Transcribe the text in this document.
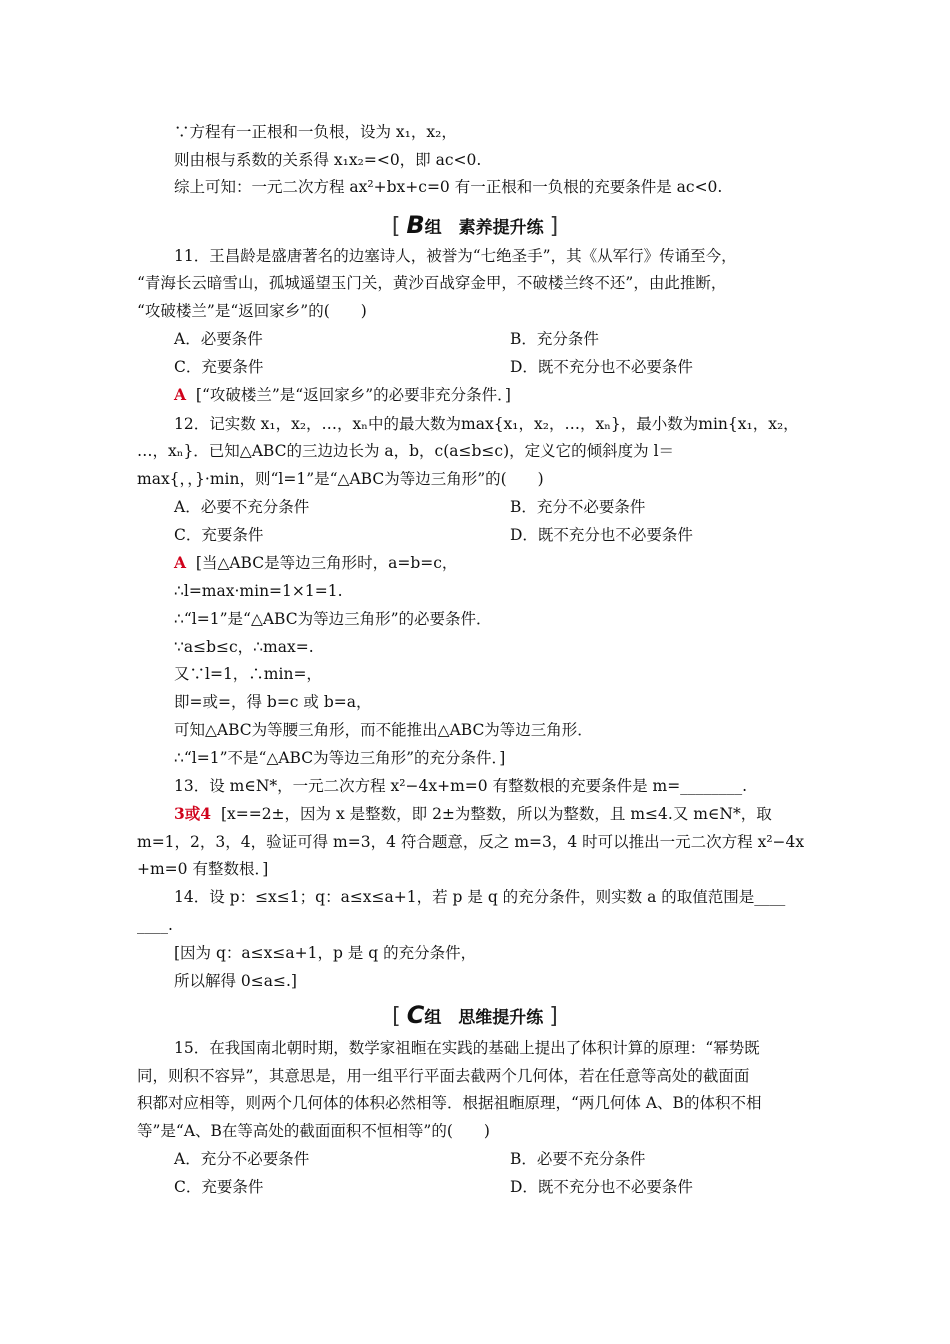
∵方程有一正根和一负根，设为 x₁，x₂，
则由根与系数的关系得 x₁x₂=<0，即 ac<0.
综上可知：一元二次方程 ax²+bx+c=0 有一正根和一负根的充要条件是 ac<0.
[ B组　素养提升练 ]
11．王昌龄是盛唐著名的边塞诗人，被誉为“七绝圣手”，其《从军行》传诵至今，
“青海长云暗雪山，孤城遥望玉门关，黄沙百战穿金甲，不破楼兰终不还”，由此推断，
“攻破楼兰”是“返回家乡”的(　　)
A．必要条件	B．充分条件
C．充要条件	D．既不充分也不必要条件
A [“攻破楼兰”是“返回家乡”的必要非充分条件．]
12．记实数 x₁，x₂，…，xₙ中的最大数为max{x₁，x₂，…，xₙ}，最小数为min{x₁，x₂，
…，xₙ}．已知△ABC的三边边长为 a，b，c(a≤b≤c)，定义它的倾斜度为 l＝
max{，，}·min，则“l=1”是“△ABC为等边三角形”的(　　)
A．必要不充分条件	B．充分不必要条件
C．充要条件	D．既不充分也不必要条件
A [当△ABC是等边三角形时，a=b=c，
∴l=max·min=1×1=1.
∴“l=1”是“△ABC为等边三角形”的必要条件．
∵a≤b≤c，∴max=.
又∵l=1，∴min=，
即=或=，得 b=c 或 b=a，
可知△ABC为等腰三角形，而不能推出△ABC为等边三角形．
∴“l=1”不是“△ABC为等边三角形”的充分条件．]
13．设 m∈N*，一元二次方程 x²−4x+m=0 有整数根的充要条件是 m=________.
3或4 [x==2±，因为 x 是整数，即 2±为整数，所以为整数，且 m≤4.又 m∈N*，取
m=1，2，3，4，验证可得 m=3，4 符合题意，反之 m=3，4 时可以推出一元二次方程 x²−4x
+m=0 有整数根．]
14．设 p：≤x≤1；q：a≤x≤a+1，若 p 是 q 的充分条件，则实数 a 的取值范围是____
____.
[因为 q：a≤x≤a+1，p 是 q 的充分条件，
所以解得 0≤a≤.]
[ C组　思维提升练 ]
15．在我国南北朝时期，数学家祖暅在实践的基础上提出了体积计算的原理：“幂势既
同，则积不容异”，其意思是，用一组平行平面去截两个几何体，若在任意等高处的截面面
积都对应相等，则两个几何体的体积必然相等．根据祖暅原理，“两几何体 A、B的体积不相
等”是“A、B在等高处的截面面积不恒相等”的(　　)
A．充分不必要条件	B．必要不充分条件
C．充要条件	D．既不充分也不必要条件
